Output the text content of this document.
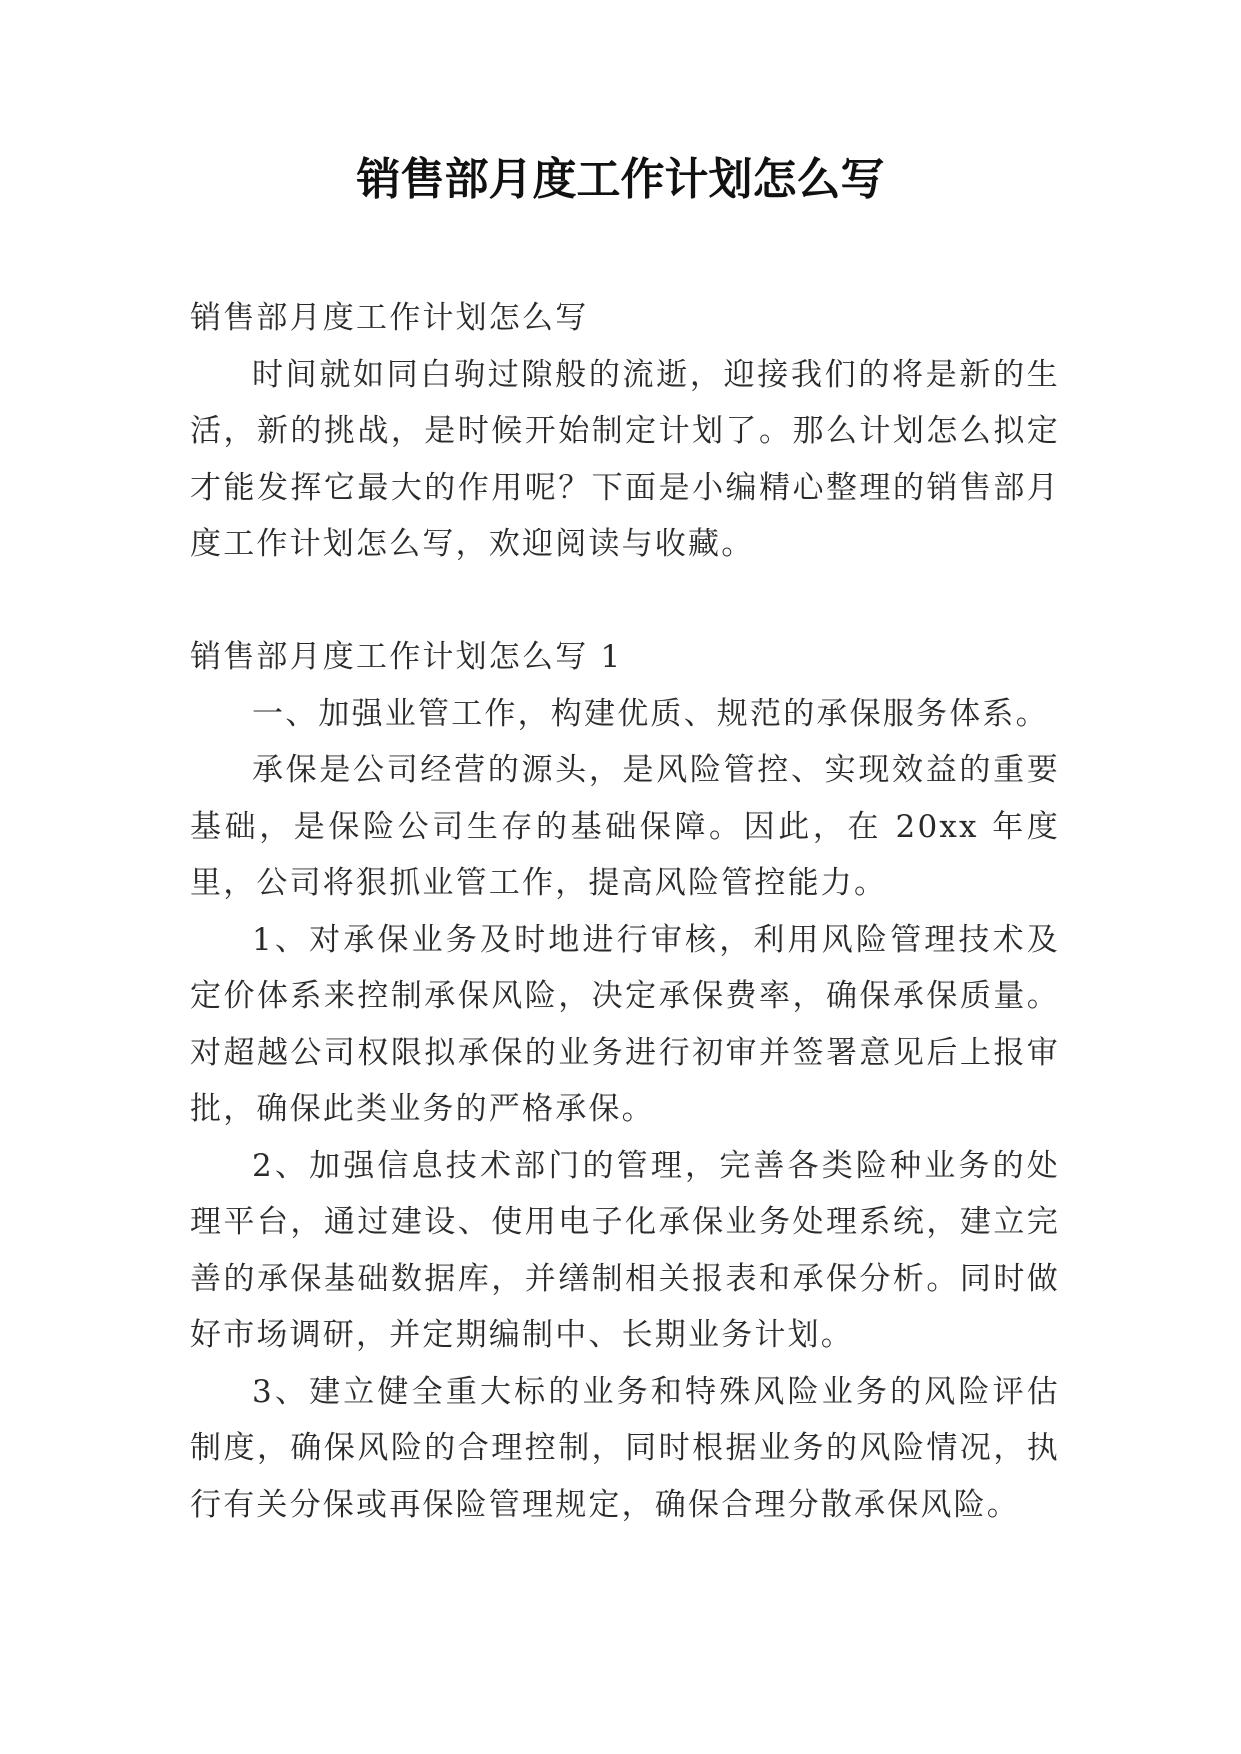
销售部月度工作计划怎么写

销售部月度工作计划怎么写

时间就如同白驹过隙般的流逝，迎接我们的将是新的生活，新的挑战，是时候开始制定计划了。那么计划怎么拟定才能发挥它最大的作用呢？下面是小编精心整理的销售部月度工作计划怎么写，欢迎阅读与收藏。

销售部月度工作计划怎么写 1

一、加强业管工作，构建优质、规范的承保服务体系。

承保是公司经营的源头，是风险管控、实现效益的重要基础，是保险公司生存的基础保障。因此，在 20xx 年度里，公司将狠抓业管工作，提高风险管控能力。

1、对承保业务及时地进行审核，利用风险管理技术及定价体系来控制承保风险，决定承保费率，确保承保质量。对超越公司权限拟承保的业务进行初审并签署意见后上报审批，确保此类业务的严格承保。

2、加强信息技术部门的管理，完善各类险种业务的处理平台，通过建设、使用电子化承保业务处理系统，建立完善的承保基础数据库，并缮制相关报表和承保分析。同时做好市场调研，并定期编制中、长期业务计划。

3、建立健全重大标的业务和特殊风险业务的风险评估制度，确保风险的合理控制，同时根据业务的风险情况，执行有关分保或再保险管理规定，确保合理分散承保风险。
